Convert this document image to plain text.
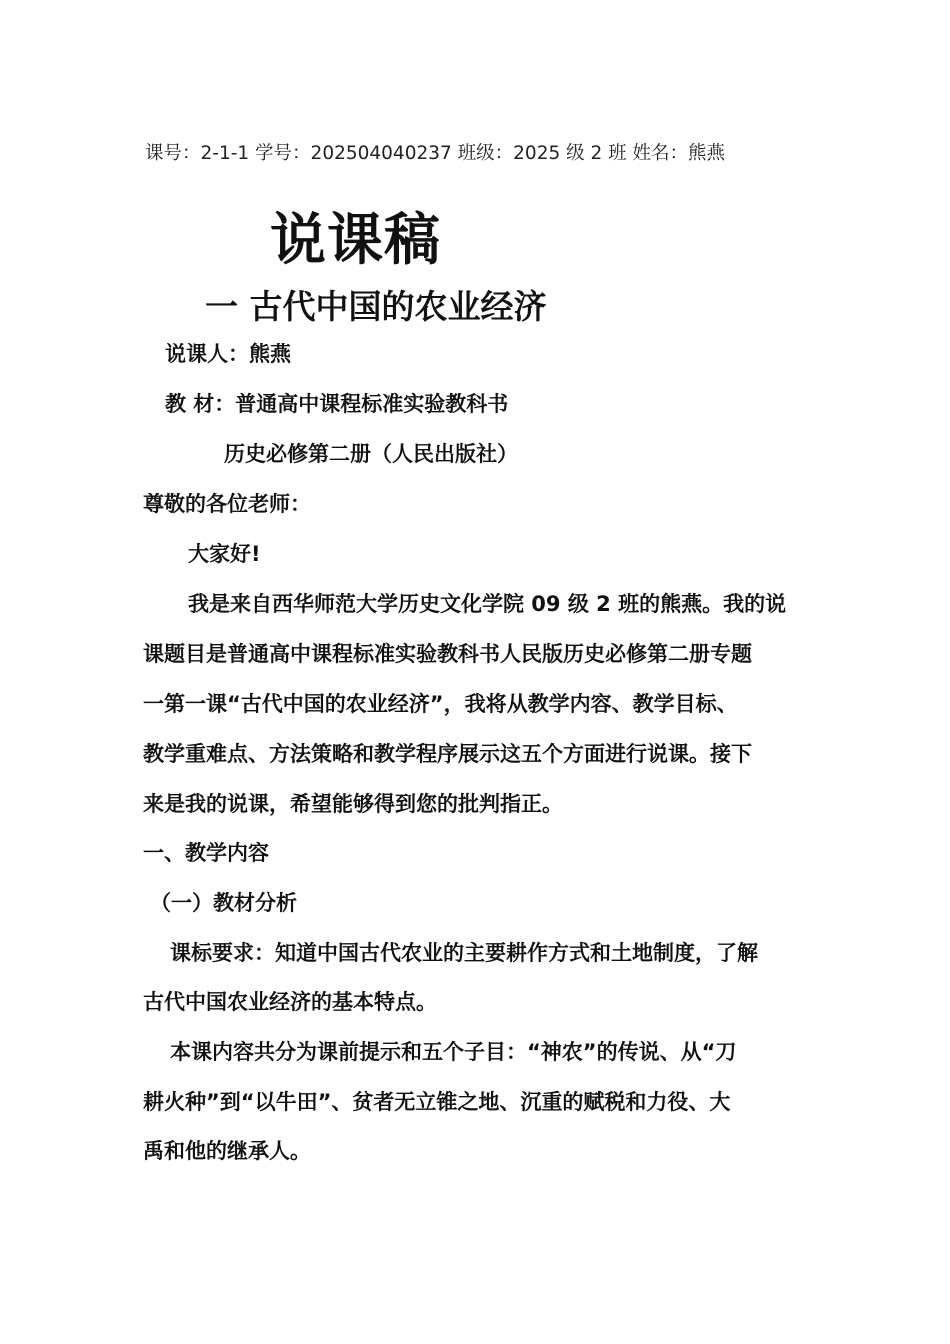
课号：2-1-1 学号：202504040237 班级：2025 级 2 班 姓名：熊燕

说课稿
一 古代中国的农业经济

说课人：熊燕

教 材：普通高中课程标准实验教科书

历史必修第二册（人民出版社）

尊敬的各位老师：

大家好!

我是来自西华师范大学历史文化学院 09 级 2 班的熊燕。我的说

课题目是普通高中课程标准实验教科书人民版历史必修第二册专题

一第一课“古代中国的农业经济”，我将从教学内容、教学目标、

教学重难点、方法策略和教学程序展示这五个方面进行说课。接下

来是我的说课，希望能够得到您的批判指正。

一、教学内容

（一）教材分析

课标要求：知道中国古代农业的主要耕作方式和土地制度，了解

古代中国农业经济的基本特点。

本课内容共分为课前提示和五个子目：“神农”的传说、从“刀

耕火种”到“以牛田”、贫者无立锥之地、沉重的赋税和力役、大

禹和他的继承人。
